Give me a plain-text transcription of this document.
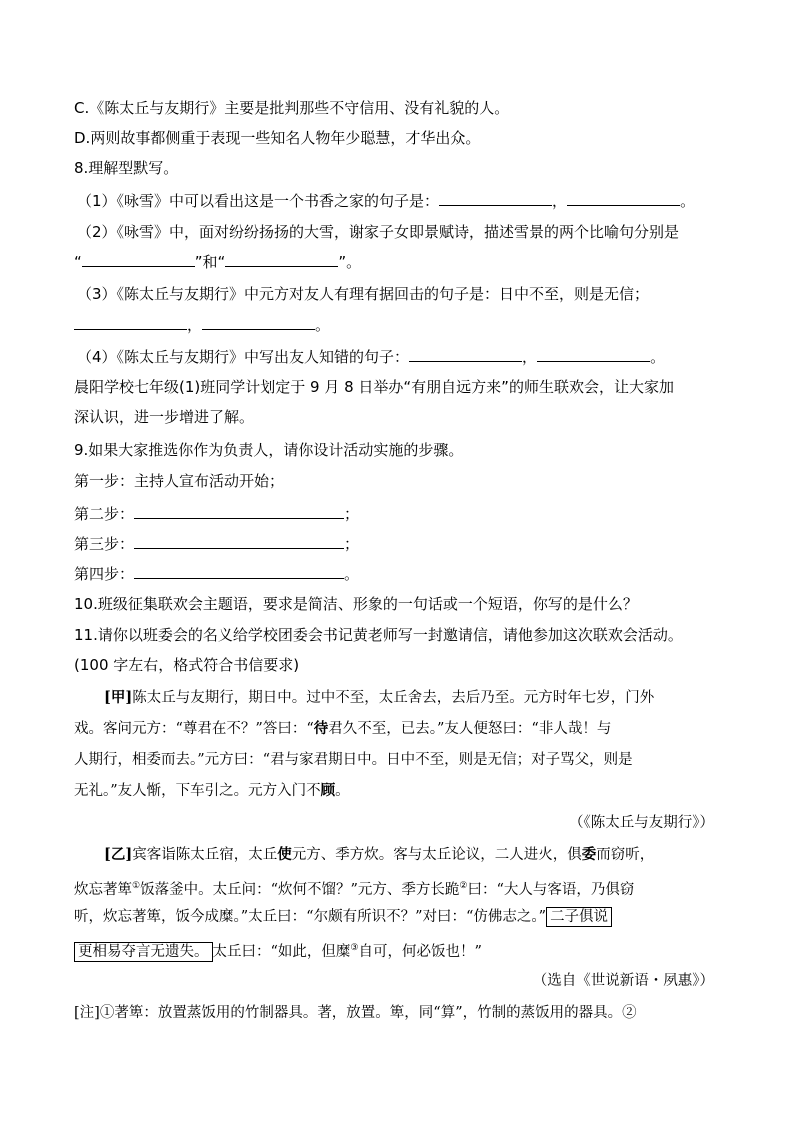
C.《陈太丘与友期行》主要是批判那些不守信用、没有礼貌的人。
D.两则故事都侧重于表现一些知名人物年少聪慧，才华出众。
8.理解型默写。
（1）《咏雪》中可以看出这是一个书香之家的句子是：	，	。
（2）《咏雪》中，面对纷纷扬扬的大雪，谢家子女即景赋诗，描述雪景的两个比喻句分别是
“	”和“	”。
（3）《陈太丘与友期行》中元方对友人有理有据回击的句子是：日中不至，则是无信；
，	。
（4）《陈太丘与友期行》中写出友人知错的句子：	，	。
晨阳学校七年级(1)班同学计划定于 9 月 8 日举办“有朋自远方来”的师生联欢会，让大家加
深认识，进一步增进了解。
9.如果大家推选你作为负责人，请你设计活动实施的步骤。
第一步：主持人宣布活动开始；
第二步：	；
第三步：	；
第四步：	。
10.班级征集联欢会主题语，要求是简洁、形象的一句话或一个短语，你写的是什么？
11.请你以班委会的名义给学校团委会书记黄老师写一封邀请信，请他参加这次联欢会活动。
(100 字左右，格式符合书信要求)
[甲]陈太丘与友期行，期日中。过中不至，太丘舍去，去后乃至。元方时年七岁，门外
戏。客问元方：“尊君在不？”答曰：“待君久不至，已去。”友人便怒曰：“非人哉！与
人期行，相委而去。”元方曰：“君与家君期日中。日中不至，则是无信；对子骂父，则是
无礼。”友人惭，下车引之。元方入门不顾。
（《陈太丘与友期行》）
[乙]宾客诣陈太丘宿，太丘使元方、季方炊。客与太丘论议，二人进火，俱委而窃听，
炊忘著箄①饭落釜中。太丘问：“炊何不馏？”元方、季方长跪②曰：“大人与客语，乃俱窃
听，炊忘著箄，饭今成糜。”太丘曰：“尔颇有所识不？”对曰：“仿佛志之。” 二子俱说
更相易夺言无遗失。 太丘曰：“如此，但糜③自可，何必饭也！”
（选自《世说新语・夙惠》）
[注]①著箄：放置蒸饭用的竹制器具。著，放置。箄，同“算”，竹制的蒸饭用的器具。②
